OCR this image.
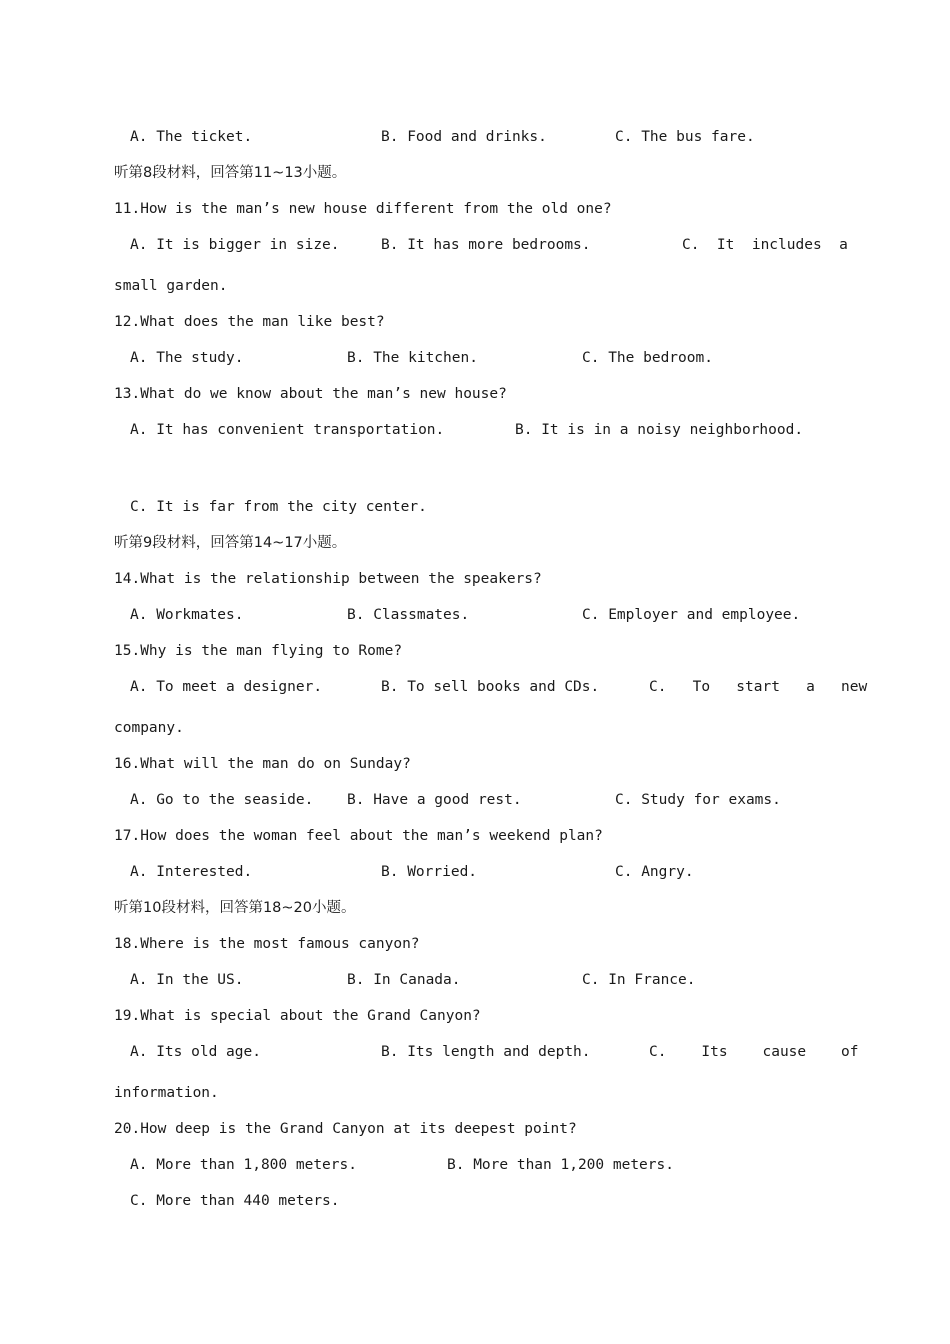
A. The ticket.	B. Food and drinks.	C. The bus fare.
听第8段材料，回答第11~13小题。
11.How is the man’s new house different from the old one?
A. It is bigger in size.	B. It has more bedrooms.	C.  It  includes  a
small garden.
12.What does the man like best?
A. The study.	B. The kitchen.	C. The bedroom.
13.What do we know about the man’s new house?
A. It has convenient transportation.	B. It is in a noisy neighborhood.
C. It is far from the city center.
听第9段材料，回答第14~17小题。
14.What is the relationship between the speakers?
A. Workmates.	B. Classmates.	C. Employer and employee.
15.Why is the man flying to Rome?
A. To meet a designer.	B. To sell books and CDs.	C.   To   start   a   new
company.
16.What will the man do on Sunday?
A. Go to the seaside. B. Have a good rest.	C. Study for exams.
17.How does the woman feel about the man’s weekend plan?
A. Interested.	B. Worried.	C. Angry.
听第10段材料，回答第18~20小题。
18.Where is the most famous canyon?
A. In the US.	B. In Canada.	C. In France.
19.What is special about the Grand Canyon?
A. Its old age.	B. Its length and depth.	C.    Its    cause    of
information.
20.How deep is the Grand Canyon at its deepest point?
A. More than 1,800 meters.	B. More than 1,200 meters.
C. More than 440 meters.
